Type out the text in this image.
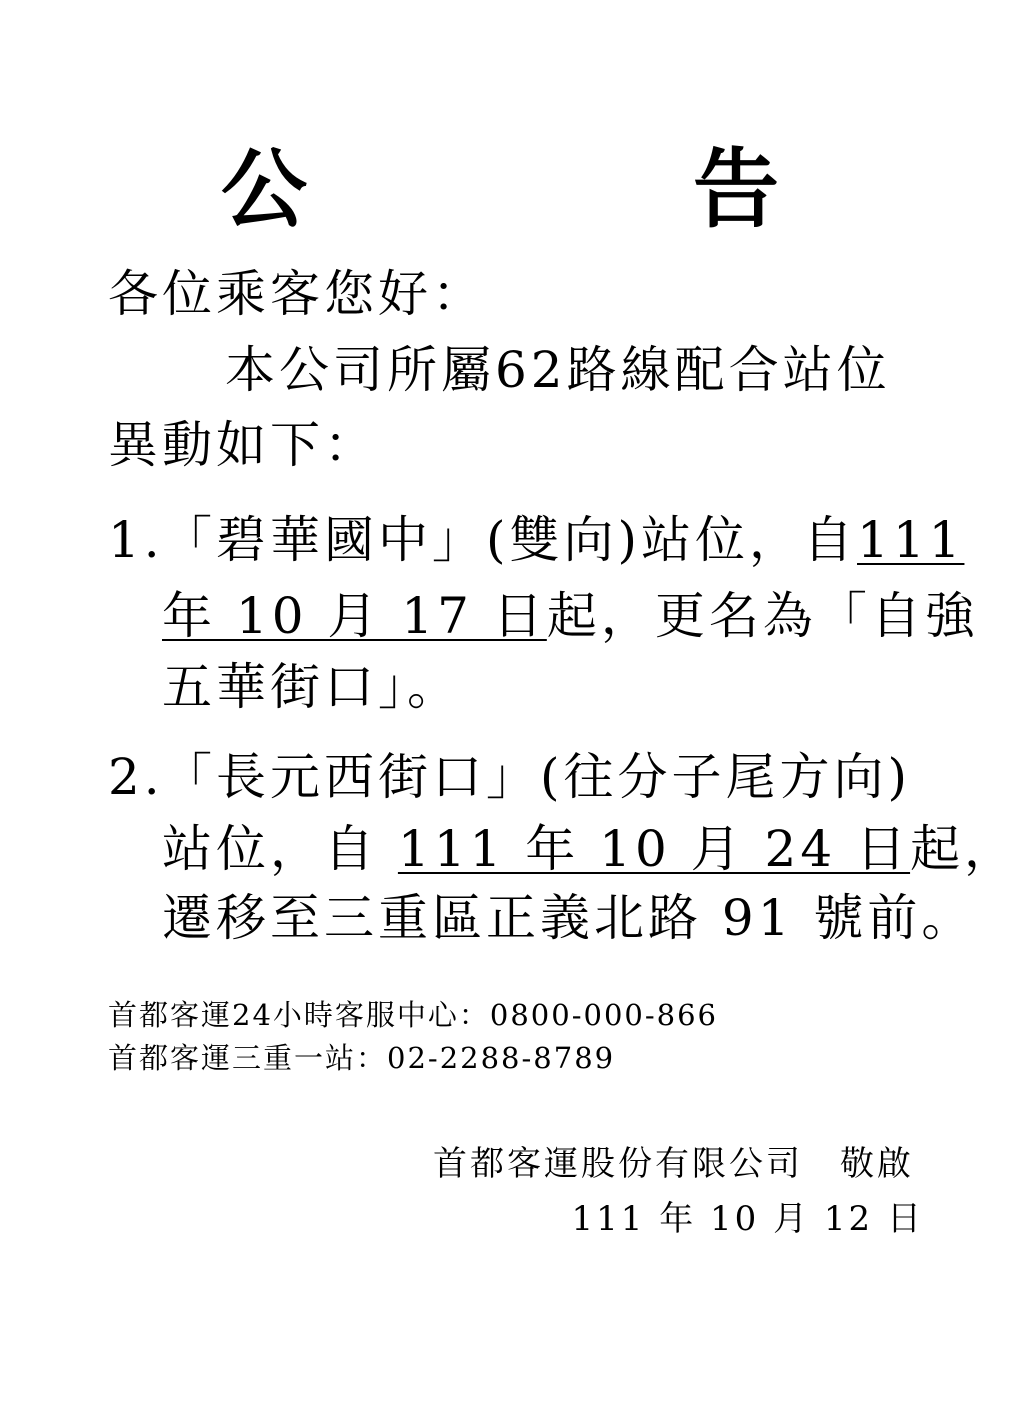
公　告
各位乘客您好：
本公司所屬62路線配合站位
異動如下：
1.
「碧華國中」(雙向)站位，自111
年 10 月 17 日起，更名為「自強
五華街口」。
2.
「長元西街口」(往分子尾方向)
站位，自 111 年 10 月 24 日起，
遷移至三重區正義北路 91 號前。
首都客運24小時客服中心：0800-000-866
首都客運三重一站：02-2288-8789
首都客運股份有限公司　敬啟
111 年 10 月 12 日
